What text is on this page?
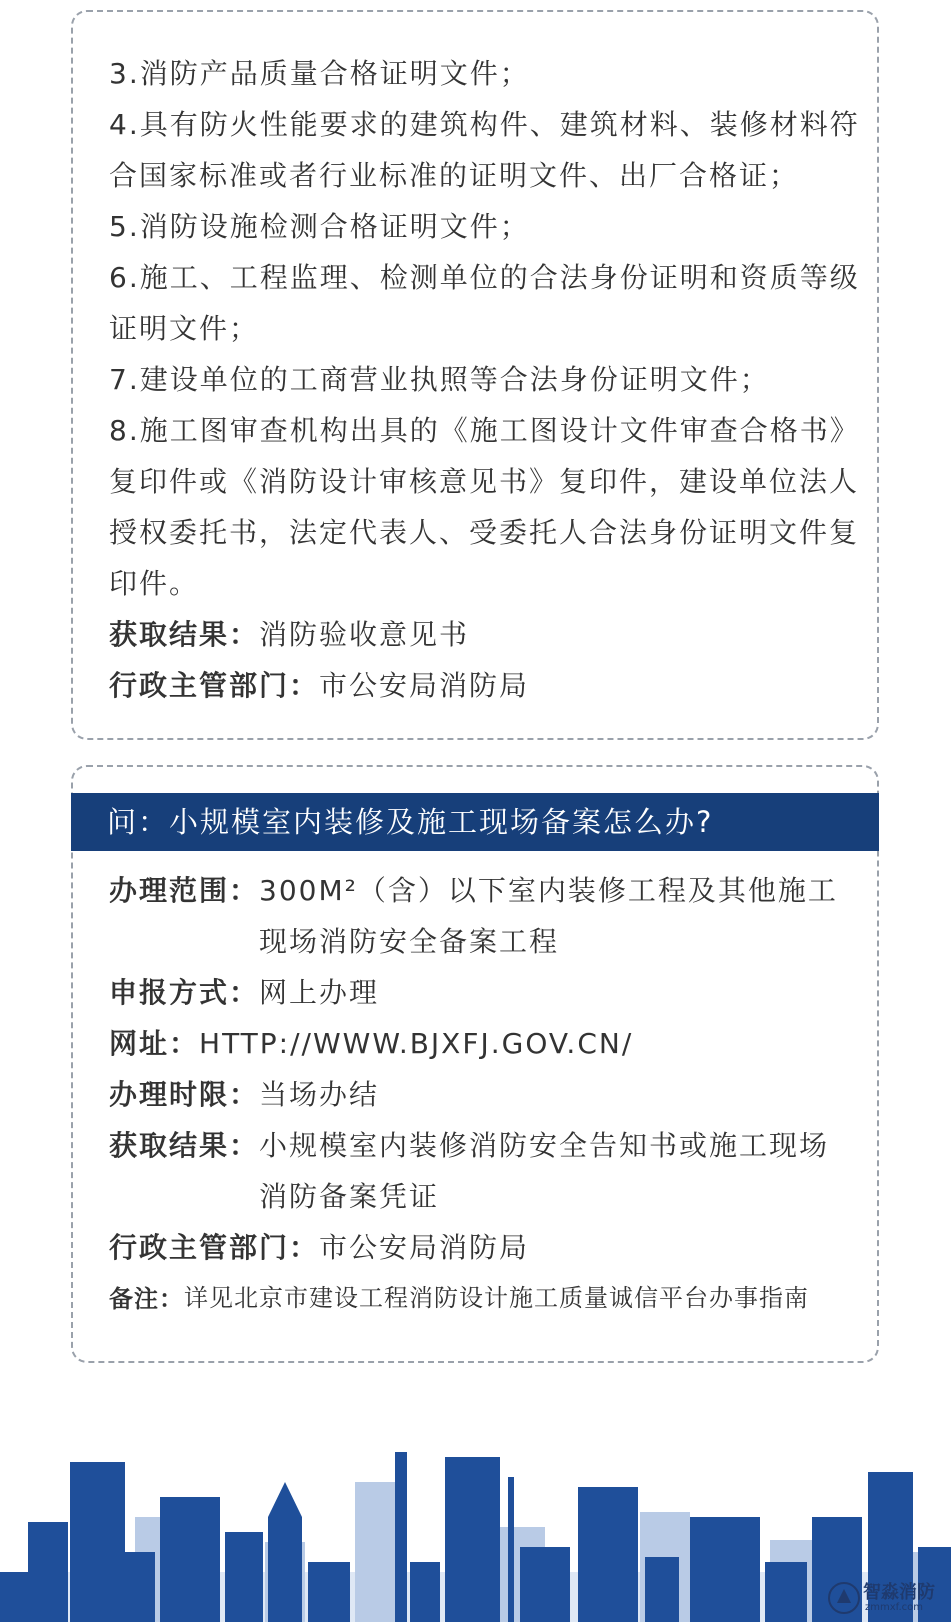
3.消防产品质量合格证明文件；
4.具有防火性能要求的建筑构件、建筑材料、装修材料符
合国家标准或者行业标准的证明文件、出厂合格证；
5.消防设施检测合格证明文件；
6.施工、工程监理、检测单位的合法身份证明和资质等级
证明文件；
7.建设单位的工商营业执照等合法身份证明文件；
8.施工图审查机构出具的《施工图设计文件审查合格书》
复印件或《消防设计审核意见书》复印件，建设单位法人
授权委托书，法定代表人、受委托人合法身份证明文件复
印件。
获取结果：消防验收意见书
行政主管部门：市公安局消防局
问：小规模室内装修及施工现场备案怎么办?
办理范围： 300M²（含）以下室内装修工程及其他施工现场消防安全备案工程
申报方式： 网上办理
网址： HTTP://WWW.BJXFJ.GOV.CN/
办理时限： 当场办结
获取结果： 小规模室内装修消防安全告知书或施工现场消防备案凭证
行政主管部门： 市公安局消防局
备注： 详见北京市建设工程消防设计施工质量诚信平台办事指南
智淼消防
zmmxf.com
